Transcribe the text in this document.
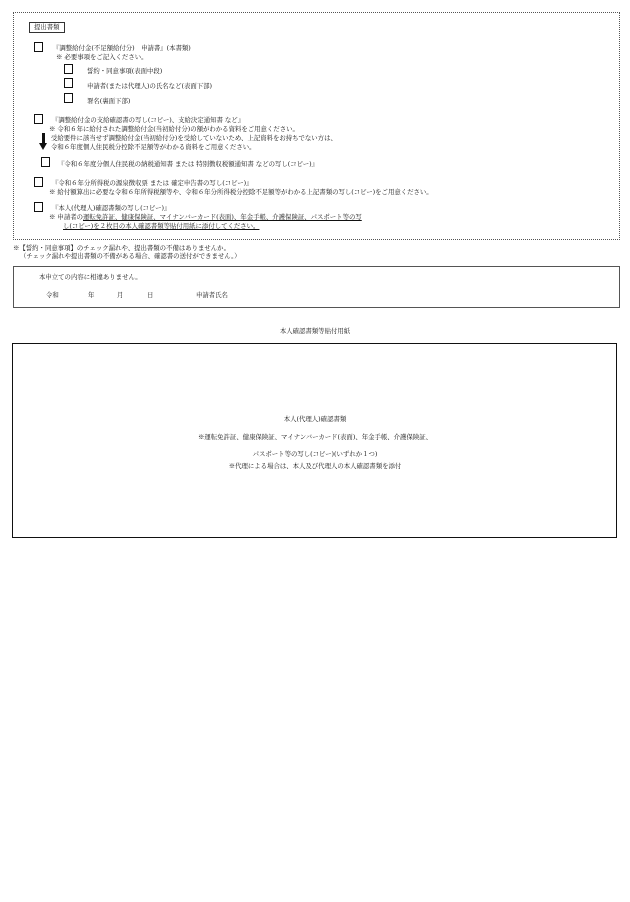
提出書類
『調整給付金(不足額給付分)　申請書』(本書類)
※ 必要事項をご記入ください。
誓約・同意事項(表面中段)
申請者(または代理人)の氏名など(表面下部)
署名(裏面下部)
『調整給付金の支給確認書の写し(コピー)、支給決定通知書 など』
※ 令和６年に給付された調整給付金(当初給付分)の額がわかる資料をご用意ください。
受給要件に該当せず調整給付金(当初給付分)を受給していないため、上記資料をお持ちでない方は、
令和６年度個人住民税分控除不足額等がわかる資料をご用意ください。
『令和６年度分個人住民税の納税通知書 または 特別徴収税額通知書 などの写し(コピー)』
『令和６年分所得税の源泉徴収票 または 確定申告書の写し(コピー)』
※ 給付額算出に必要な令和６年所得税額等や、令和６年分所得税分控除不足額等がわかる上記書類の写し(コピー)をご用意ください。
『本人(代理人)確認書類の写し(コピー)』
※ 申請者の運転免許証、健康保険証、マイナンバーカード(表面)、年金手帳、介護保険証、パスポート等の写
し(コピー)を２枚目の本人確認書類等貼付用紙に添付してください。
※【誓約・同意事項】のチェック漏れや、提出書類の不備はありませんか。
（チェック漏れや提出書類の不備がある場合、確認書の送付ができません。）
本申立ての内容に相違ありません。
令和	年	月	日	申請者氏名
本人確認書類等貼付用紙
本人(代理人)確認書類
※運転免許証、健康保険証、マイナンバーカード(表面)、年金手帳、介護保険証、
パスポート等の写し(コピー)(いずれか１つ)
※代理による場合は、本人及び代理人の本人確認書類を添付
